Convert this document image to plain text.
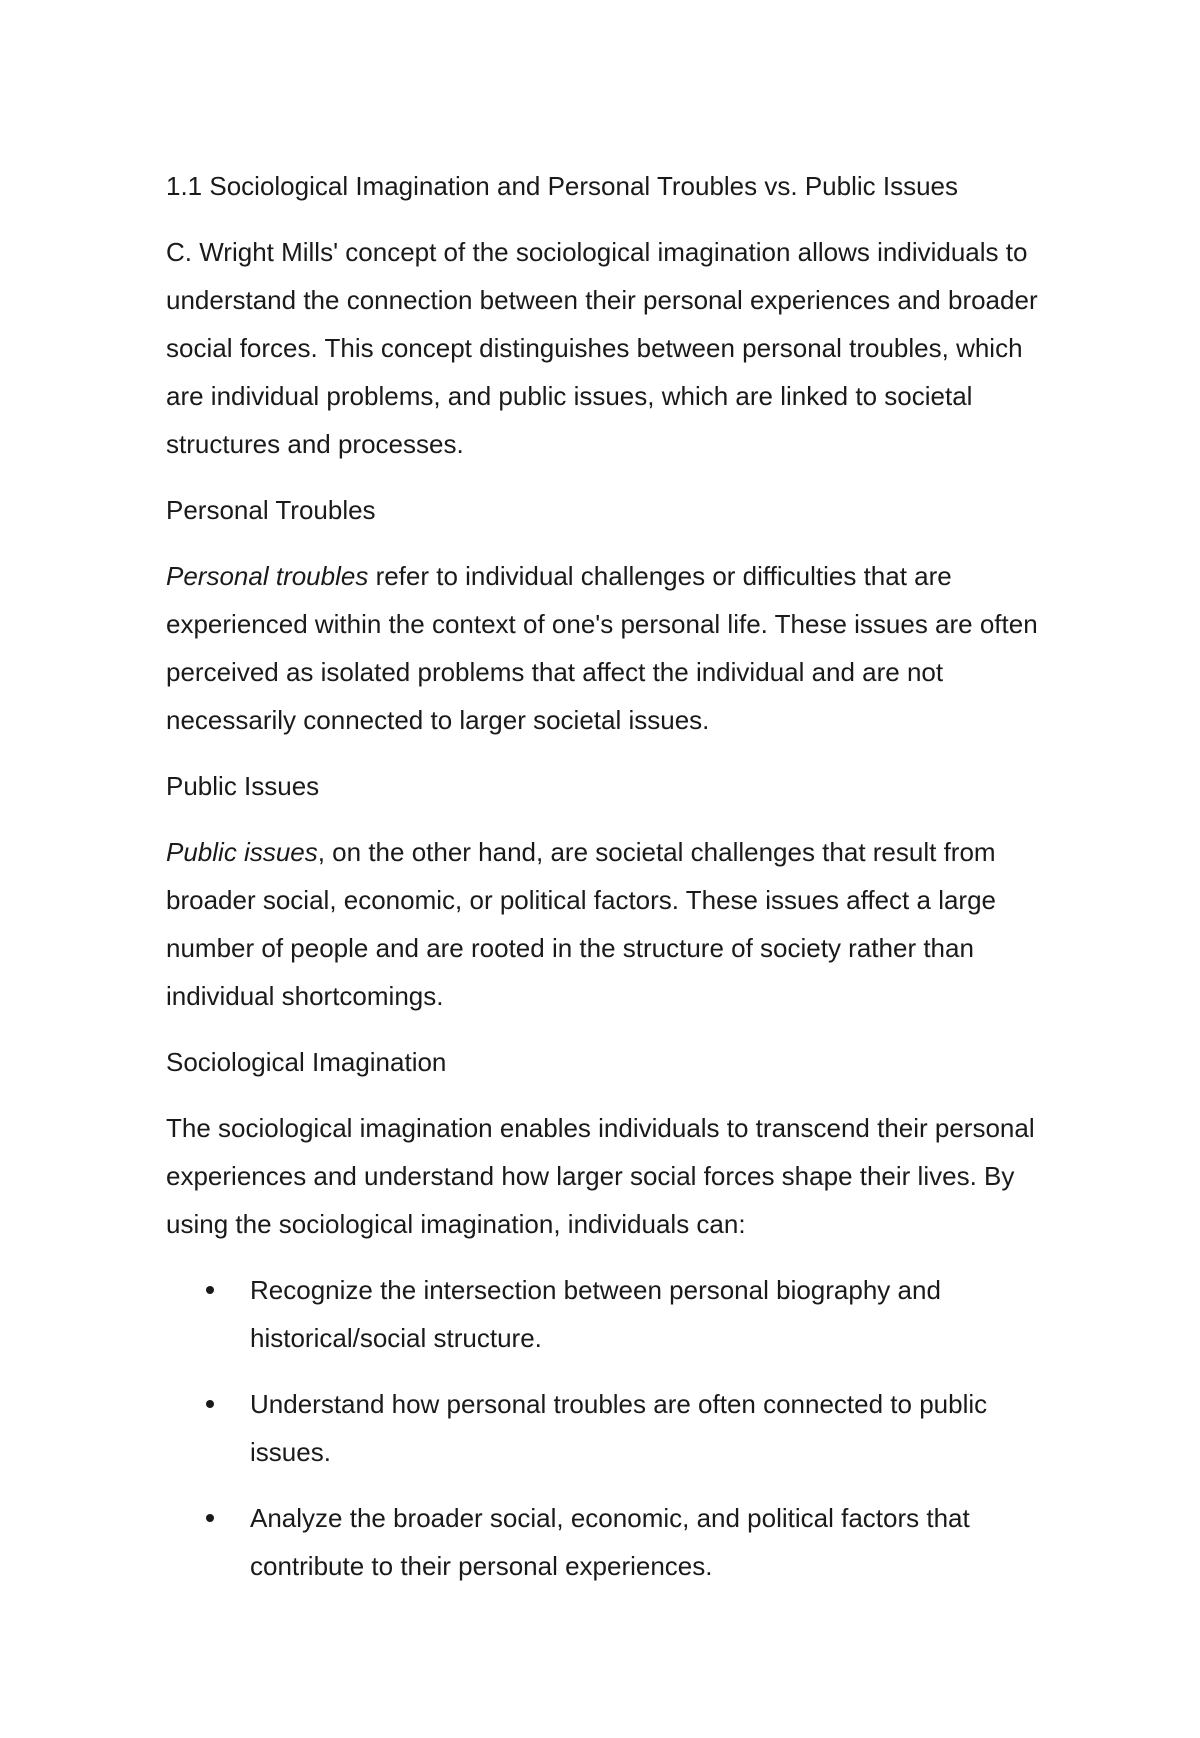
1.1 Sociological Imagination and Personal Troubles vs. Public Issues

C. Wright Mills' concept of the sociological imagination allows individuals to understand the connection between their personal experiences and broader social forces. This concept distinguishes between personal troubles, which are individual problems, and public issues, which are linked to societal structures and processes.

Personal Troubles

Personal troubles refer to individual challenges or difficulties that are experienced within the context of one's personal life. These issues are often perceived as isolated problems that affect the individual and are not necessarily connected to larger societal issues.

Public Issues

Public issues, on the other hand, are societal challenges that result from broader social, economic, or political factors. These issues affect a large number of people and are rooted in the structure of society rather than individual shortcomings.

Sociological Imagination

The sociological imagination enables individuals to transcend their personal experiences and understand how larger social forces shape their lives. By using the sociological imagination, individuals can:

Recognize the intersection between personal biography and historical/social structure.
Understand how personal troubles are often connected to public issues.
Analyze the broader social, economic, and political factors that contribute to their personal experiences.
